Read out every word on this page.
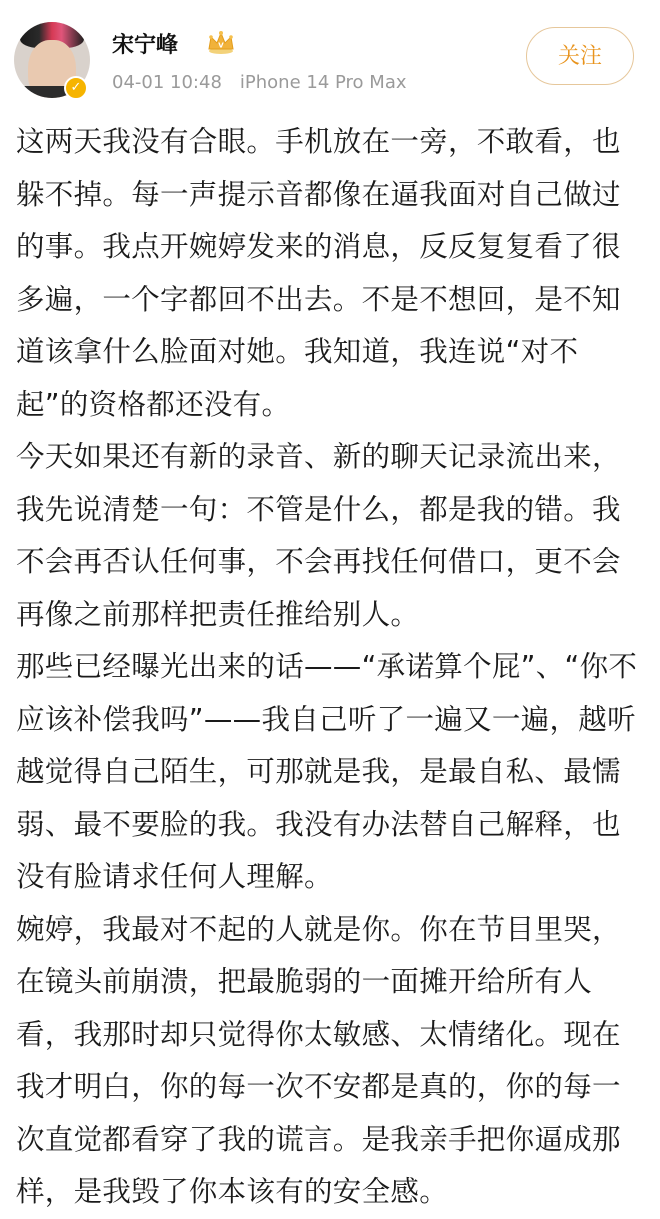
✓
宋宁峰	V
04-01 10:48 iPhone 14 Pro Max
关注

这两天我没有合眼。手机放在一旁，不敢看，也躲不掉。每一声提示音都像在逼我面对自己做过的事。我点开婉婷发来的消息，反反复复看了很多遍，一个字都回不出去。不是不想回，是不知道该拿什么脸面对她。我知道，我连说“对不起”的资格都还没有。

今天如果还有新的录音、新的聊天记录流出来，我先说清楚一句：不管是什么，都是我的错。我不会再否认任何事，不会再找任何借口，更不会再像之前那样把责任推给别人。

那些已经曝光出来的话——“承诺算个屁”、“你不应该补偿我吗”——我自己听了一遍又一遍，越听越觉得自己陌生，可那就是我，是最自私、最懦弱、最不要脸的我。我没有办法替自己解释，也没有脸请求任何人理解。

婉婷，我最对不起的人就是你。你在节目里哭，在镜头前崩溃，把最脆弱的一面摊开给所有人看，我那时却只觉得你太敏感、太情绪化。现在我才明白，你的每一次不安都是真的，你的每一次直觉都看穿了我的谎言。是我亲手把你逼成那样，是我毁了你本该有的安全感。
